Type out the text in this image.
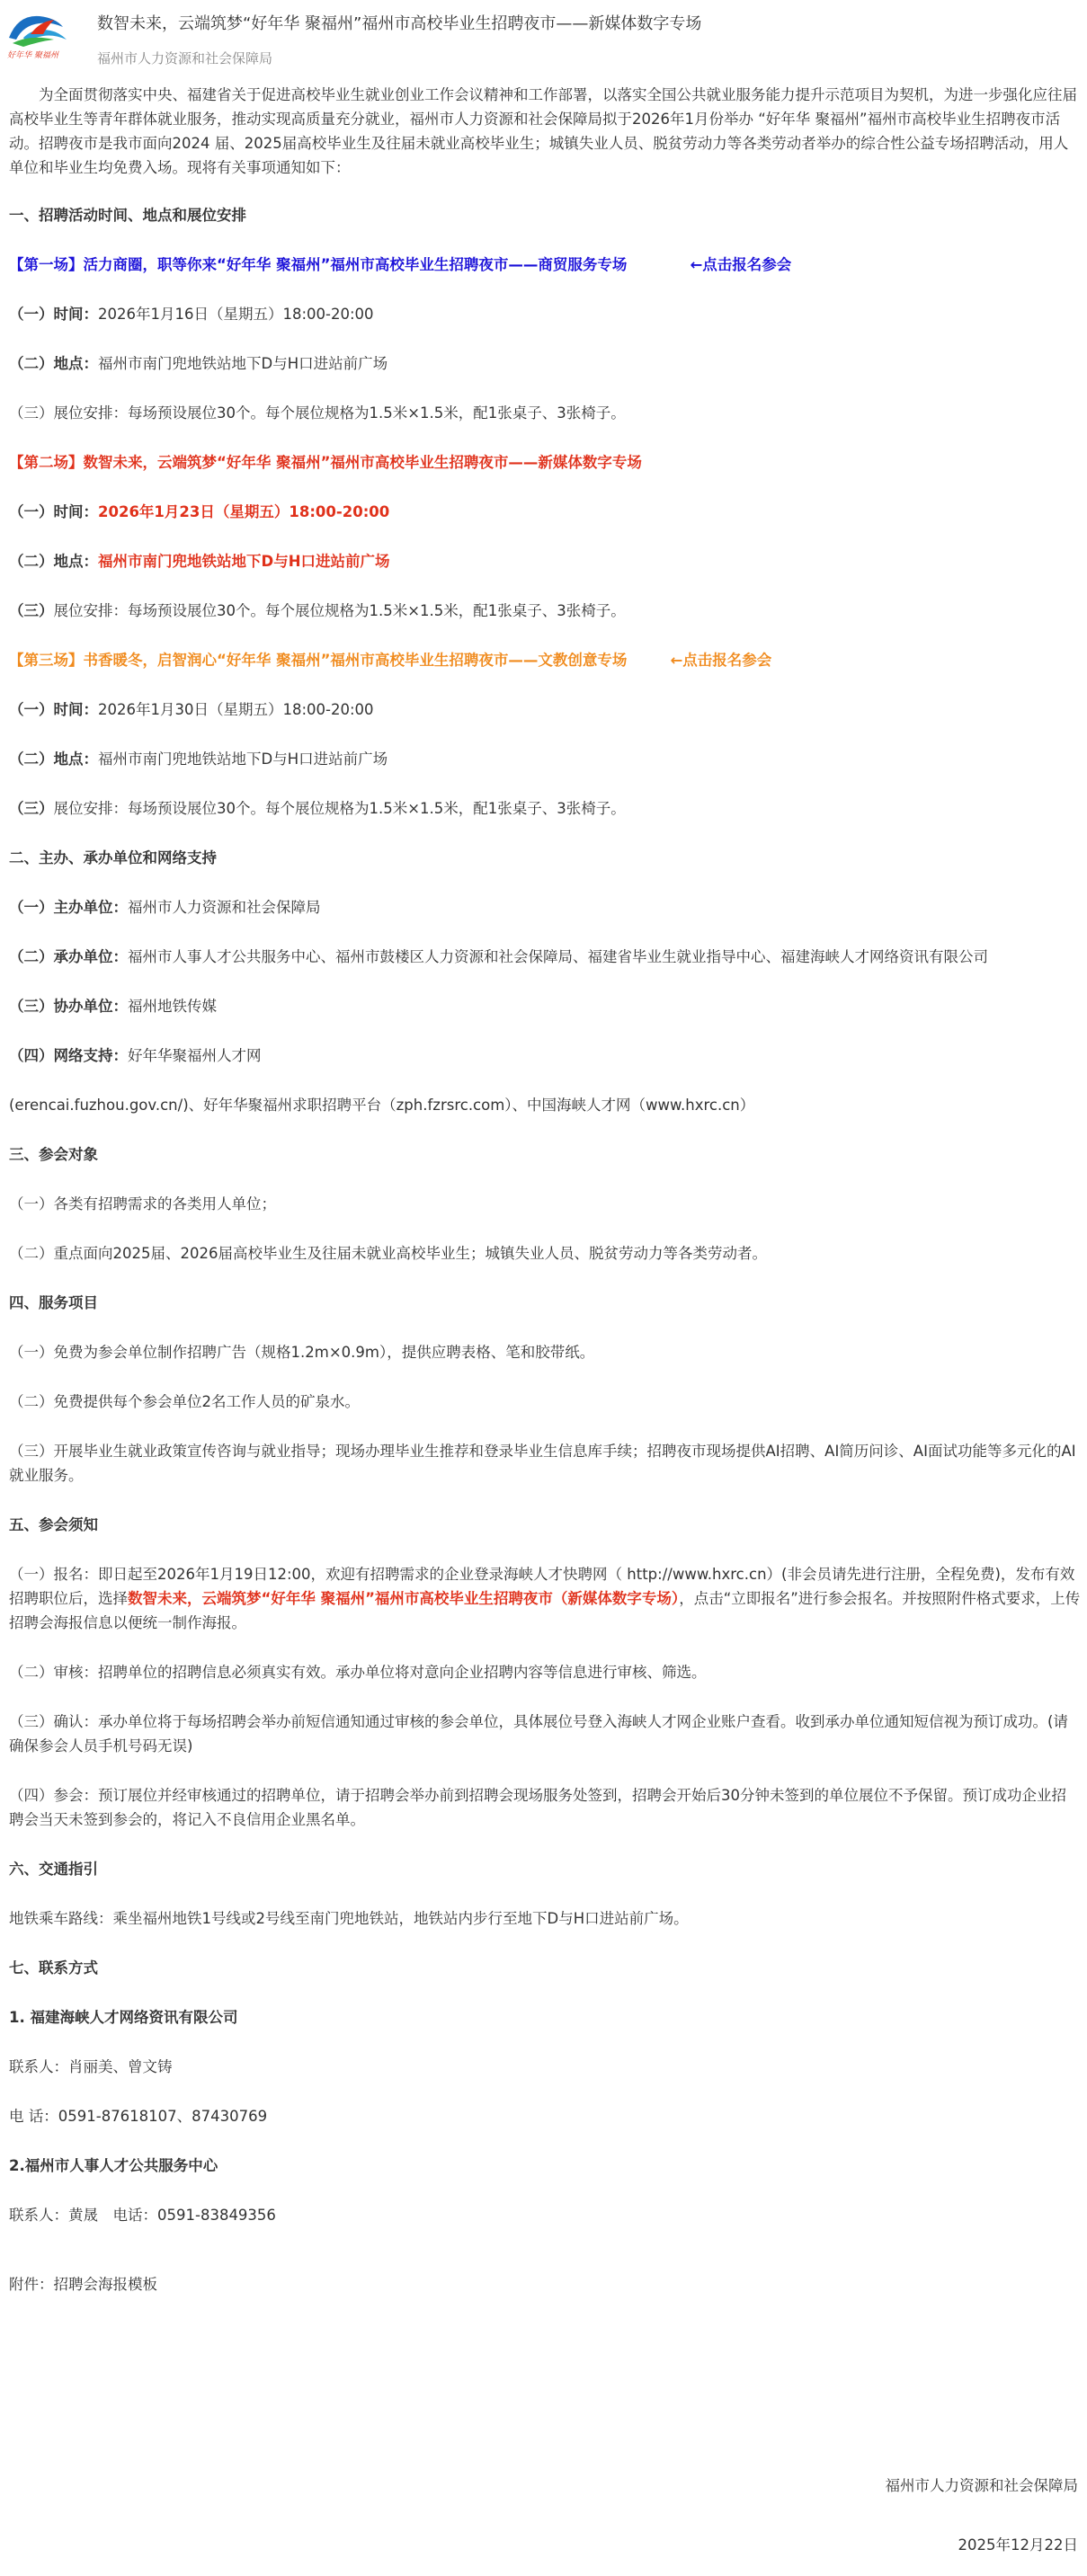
好年华 聚福州
数智未来，云端筑梦“好年华 聚福州”福州市高校毕业生招聘夜市——新媒体数字专场
福州市人力资源和社会保障局

为全面贯彻落实中央、福建省关于促进高校毕业生就业创业工作会议精神和工作部署，以落实全国公共就业服务能力提升示范项目为契机，为进一步强化应往届高校毕业生等青年群体就业服务，推动实现高质量充分就业，福州市人力资源和社会保障局拟于2026年1月份举办 “好年华 聚福州”福州市高校毕业生招聘夜市活动。招聘夜市是我市面向2024 届、2025届高校毕业生及往届未就业高校毕业生；城镇失业人员、脱贫劳动力等各类劳动者举办的综合性公益专场招聘活动，用人单位和毕业生均免费入场。现将有关事项通知如下：

一、招聘活动时间、地点和展位安排

【第一场】活力商圈，职等你来“好年华 聚福州”福州市高校毕业生招聘夜市——商贸服务专场	←点击报名参会

（一）时间：2026年1月16日（星期五）18:00-20:00

（二）地点：福州市南门兜地铁站地下D与H口进站前广场

（三）展位安排：每场预设展位30个。每个展位规格为1.5米×1.5米，配1张桌子、3张椅子。

【第二场】数智未来，云端筑梦“好年华 聚福州”福州市高校毕业生招聘夜市——新媒体数字专场

（一）时间：2026年1月23日（星期五）18:00-20:00

（二）地点：福州市南门兜地铁站地下D与H口进站前广场

（三）展位安排：每场预设展位30个。每个展位规格为1.5米×1.5米，配1张桌子、3张椅子。

【第三场】书香暖冬，启智润心“好年华 聚福州”福州市高校毕业生招聘夜市——文教创意专场	←点击报名参会

（一）时间：2026年1月30日（星期五）18:00-20:00

（二）地点：福州市南门兜地铁站地下D与H口进站前广场

（三）展位安排：每场预设展位30个。每个展位规格为1.5米×1.5米，配1张桌子、3张椅子。

二、主办、承办单位和网络支持

（一）主办单位：福州市人力资源和社会保障局

（二）承办单位：福州市人事人才公共服务中心、福州市鼓楼区人力资源和社会保障局、福建省毕业生就业指导中心、福建海峡人才网络资讯有限公司

（三）协办单位：福州地铁传媒

（四）网络支持：好年华聚福州人才网

(erencai.fuzhou.gov.cn/)、好年华聚福州求职招聘平台（zph.fzrsrc.com）、中国海峡人才网（www.hxrc.cn）

三、参会对象

（一）各类有招聘需求的各类用人单位；

（二）重点面向2025届、2026届高校毕业生及往届未就业高校毕业生；城镇失业人员、脱贫劳动力等各类劳动者。

四、服务项目

（一）免费为参会单位制作招聘广告（规格1.2m×0.9m），提供应聘表格、笔和胶带纸。

（二）免费提供每个参会单位2名工作人员的矿泉水。

（三）开展毕业生就业政策宣传咨询与就业指导；现场办理毕业生推荐和登录毕业生信息库手续；招聘夜市现场提供AI招聘、AI简历问诊、AI面试功能等多元化的AI就业服务。

五、参会须知

（一）报名：即日起至2026年1月19日12:00，欢迎有招聘需求的企业登录海峡人才快聘网（ http://www.hxrc.cn）(非会员请先进行注册，全程免费)，发布有效招聘职位后，选择数智未来，云端筑梦“好年华 聚福州”福州市高校毕业生招聘夜市（新媒体数字专场），点击“立即报名”进行参会报名。并按照附件格式要求，上传招聘会海报信息以便统一制作海报。

（二）审核：招聘单位的招聘信息必须真实有效。承办单位将对意向企业招聘内容等信息进行审核、筛选。

（三）确认：承办单位将于每场招聘会举办前短信通知通过审核的参会单位，具体展位号登入海峡人才网企业账户查看。收到承办单位通知短信视为预订成功。(请确保参会人员手机号码无误)

（四）参会：预订展位并经审核通过的招聘单位，请于招聘会举办前到招聘会现场服务处签到，招聘会开始后30分钟未签到的单位展位不予保留。预订成功企业招聘会当天未签到参会的，将记入不良信用企业黑名单。

六、交通指引

地铁乘车路线：乘坐福州地铁1号线或2号线至南门兜地铁站，地铁站内步行至地下D与H口进站前广场。

七、联系方式

1. 福建海峡人才网络资讯有限公司

联系人：肖丽美、曾文铸

电 话：0591-87618107、87430769

2.福州市人事人才公共服务中心

联系人：黄晟　电话：0591-83849356

附件：招聘会海报模板

福州市人力资源和社会保障局
2025年12月22日
